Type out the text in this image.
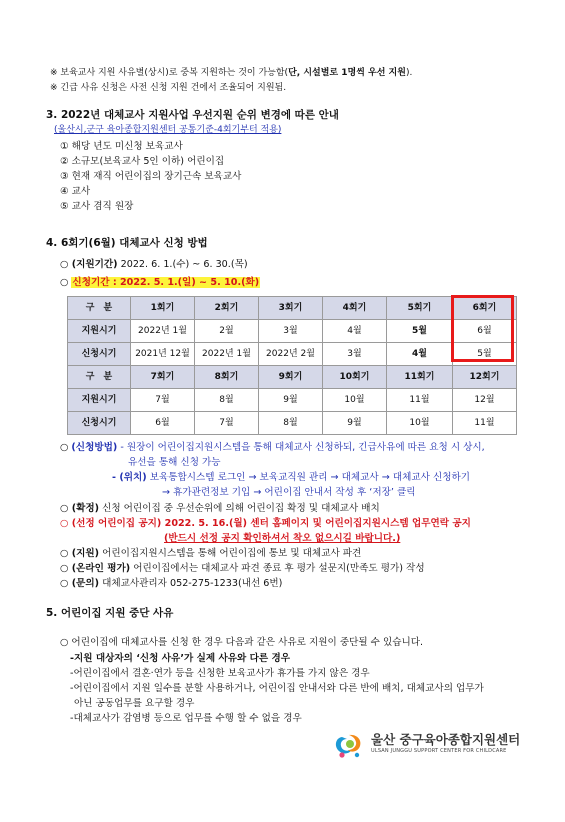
※ 보육교사 지원 사유별(상시)로 중복 지원하는 것이 가능함(단, 시설별로 1명씩 우선 지원).
※ 긴급 사유 신청은 사전 신청 지원 건에서 조율되어 지원됨.
3. 2022년 대체교사 지원사업 우선지원 순위 변경에 따른 안내
(울산시,군구 육아종합지원센터 공통기준-4회기부터 적용)
① 해당 년도 미신청 보육교사
② 소규모(보육교사 5인 이하) 어린이집
③ 현재 재직 어린이집의 장기근속 보육교사
④ 교사
⑤ 교사 겸직 원장
4. 6회기(6월) 대체교사 신청 방법
○ (지원기간) 2022. 6. 1.(수) ~ 6. 30.(목)
○ 신청기간 : 2022. 5. 1.(일) ~ 5. 10.(화)
구　분	1회기	2회기	3회기	4회기	5회기	6회기
지원시기	2022년 1월	2월	3월	4월	5월	6월
신청시기	2021년 12월	2022년 1월	2022년 2월	3월	4월	5월
구　분	7회기	8회기	9회기	10회기	11회기	12회기
지원시기	7월	8월	9월	10월	11월	12월
신청시기	6월	7월	8월	9월	10월	11월
○ (신청방법) - 원장이 어린이집지원시스템을 통해 대체교사 신청하되, 긴급사유에 따른 요청 시 상시,
유선을 통해 신청 가능
- (위치) 보육통합시스템 로그인 → 보육교직원 관리 → 대체교사 → 대체교사 신청하기
→ 휴가관련정보 기입 → 어린이집 안내서 작성 후 ‘저장’ 클릭
○ (확정) 신청 어린이집 중 우선순위에 의해 어린이집 확정 및 대체교사 배치
○ (선정 어린이집 공지) 2022. 5. 16.(월) 센터 홈페이지 및 어린이집지원시스템 업무연락 공지
(반드시 선정 공지 확인하셔서 착오 없으시길 바랍니다.)
○ (지원) 어린이집지원시스템을 통해 어린이집에 통보 및 대체교사 파견
○ (온라인 평가) 어린이집에서는 대체교사 파견 종료 후 평가 설문지(만족도 평가) 작성
○ (문의) 대체교사관리자 052-275-1233(내선 6번)
5. 어린이집 지원 중단 사유
○ 어린이집에 대체교사를 신청 한 경우 다음과 같은 사유로 지원이 중단될 수 있습니다.
-지원 대상자의 ‘신청 사유’가 실제 사유와 다른 경우
-어린이집에서 결혼·연가 등을 신청한 보육교사가 휴가를 가지 않은 경우
-어린이집에서 지원 일수를 분할 사용하거나, 어린이집 안내서와 다른 반에 배치, 대체교사의 업무가
아닌 공동업무를 요구할 경우
-대체교사가 감염병 등으로 업무를 수행 할 수 없을 경우
울산 중구육아종합지원센터
ULSAN JUNGGU SUPPORT CENTER FOR CHILDCARE
